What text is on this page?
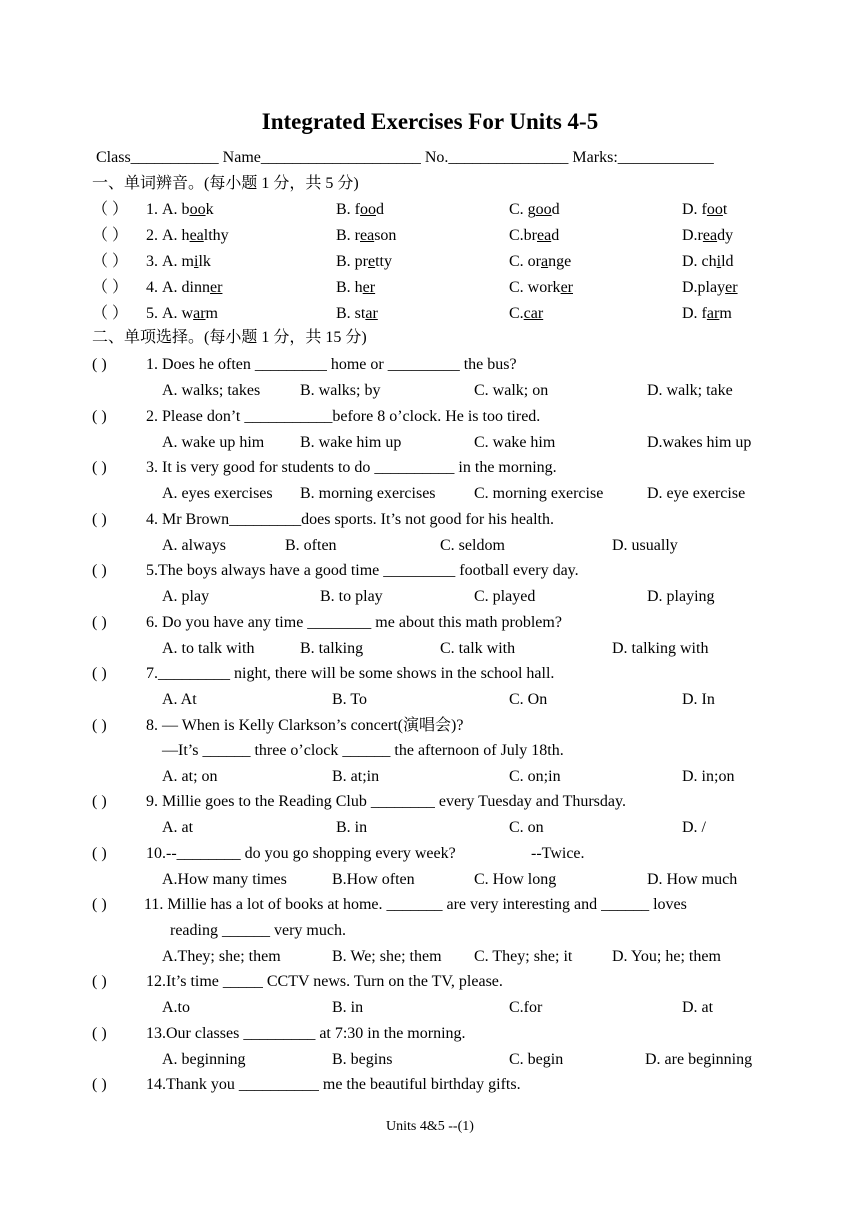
Integrated Exercises For Units 4-5
Class___________ Name____________________ No._______________ Marks:____________
一、单词辨音。(每小题 1 分，共 5 分)
（ ） 1. A. book	B. food	C. good	D. foot
（ ） 2. A. healthy	B. reason	C.bread	D.ready
（ ） 3. A. milk	B. pretty	C. orange	D. child
（ ） 4. A. dinner	B. her	C. worker	D.player
（ ） 5. A. warm	B. star	C.car	D. farm
二、单项选择。(每小题 1 分，共 15 分)
( ) 1. Does he often _________ home or _________ the bus?
A. walks; takes B. walks; by	C. walk; on	D. walk; take
( ) 2. Please don’t ___________before 8 o’clock. He is too tired.
A. wake up him B. wake him up	C. wake him	D.wakes him up
( ) 3. It is very good for students to do __________ in the morning.
A. eyes exercises B. morning exercises C. morning exercise	D. eye exercise
( ) 4. Mr Brown_________does sports. It’s not good for his health.
A. always	B. often	C. seldom	D. usually
( ) 5.The boys always have a good time _________ football every day.
A. play	B. to play	C. played	D. playing
( ) 6. Do you have any time ________ me about this math problem?
A. to talk with	B. talking	C. talk with	D. talking with
( ) 7._________ night, there will be some shows in the school hall.
A. At	B. To	C. On	D. In
( ) 8. — When is Kelly Clarkson’s concert(演唱会)?
—It’s ______ three o’clock ______ the afternoon of July 18th.
A. at; on	B. at;in	C. on;in	D. in;on
( ) 9. Millie goes to the Reading Club ________ every Tuesday and Thursday.
A. at	B. in	C. on	D. /
( ) 10.--________ do you go shopping every week?	--Twice.
A.How many times	B.How often	C. How long	D. How much
( ) 11. Millie has a lot of books at home. _______ are very interesting and ______ loves
reading ______ very much.
A.They; she; them	B. We; she; them C. They; she; it D. You; he; them
( ) 12.It’s time _____ CCTV news. Turn on the TV, please.
A.to	B. in	C.for	D. at
( ) 13.Our classes _________ at 7:30 in the morning.
A. beginning	B. begins	C. begin	D. are beginning
( ) 14.Thank you __________ me the beautiful birthday gifts.
Units 4&5 --(1)
